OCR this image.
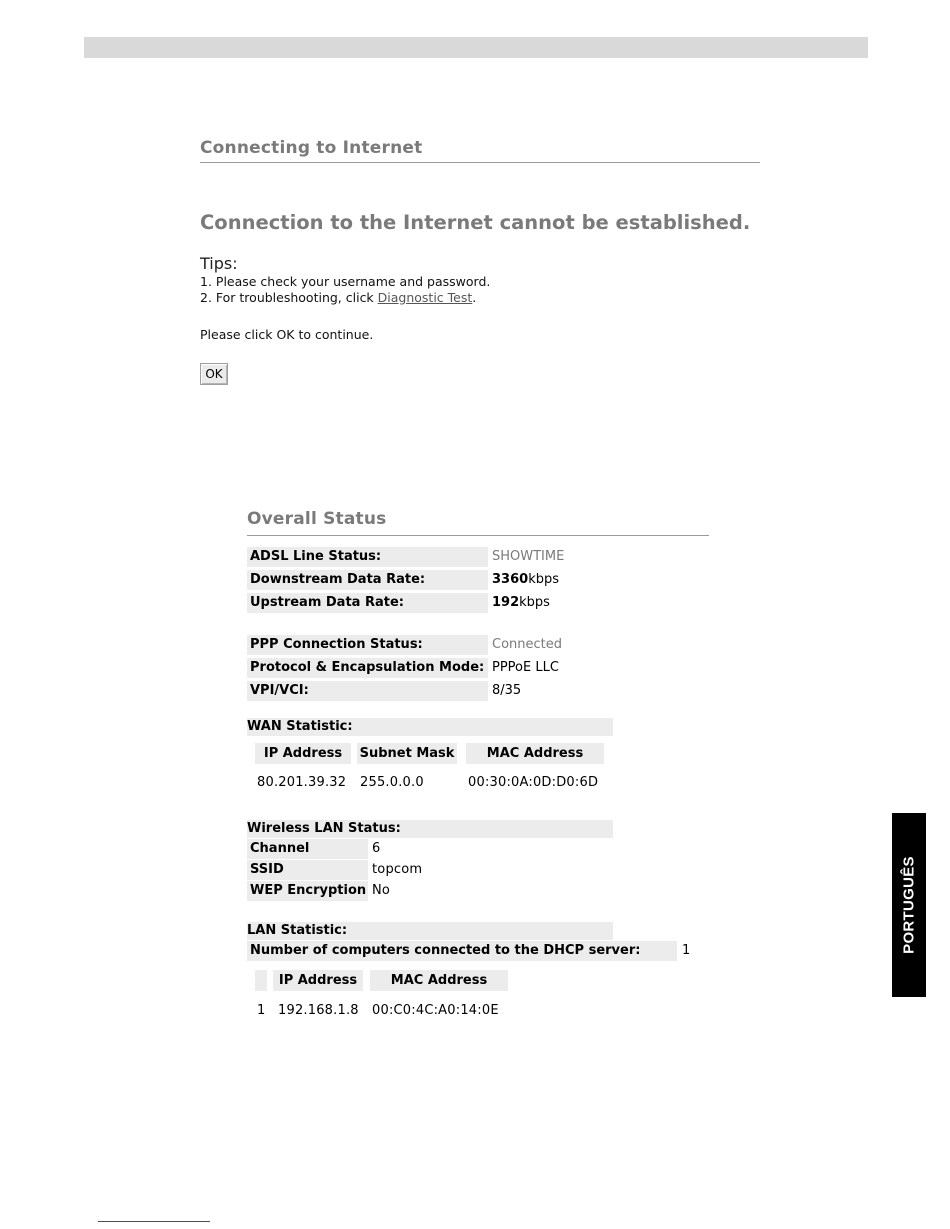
Connecting to Internet
Connection to the Internet cannot be established.
Tips:
1. Please check your username and password.
2. For troubleshooting, click Diagnostic Test.
Please click OK to continue.
OK
Overall Status
ADSL Line Status:	SHOWTIME
Downstream Data Rate:	3360kbps
Upstream Data Rate:	192kbps
PPP Connection Status:	Connected
Protocol & Encapsulation Mode: PPPoE LLC
VPI/VCI:	8/35
WAN Statistic:
IP Address	Subnet Mask	MAC Address
80.201.39.32 255.0.0.0	00:30:0A:0D:D0:6D
Wireless LAN Status:
Channel	6
SSID	topcom
WEP Encryption No
LAN Statistic:
Number of computers connected to the DHCP server:	1
IP Address	MAC Address
1 192.168.1.8 00:C0:4C:A0:14:0E
PORTUGUÊS
